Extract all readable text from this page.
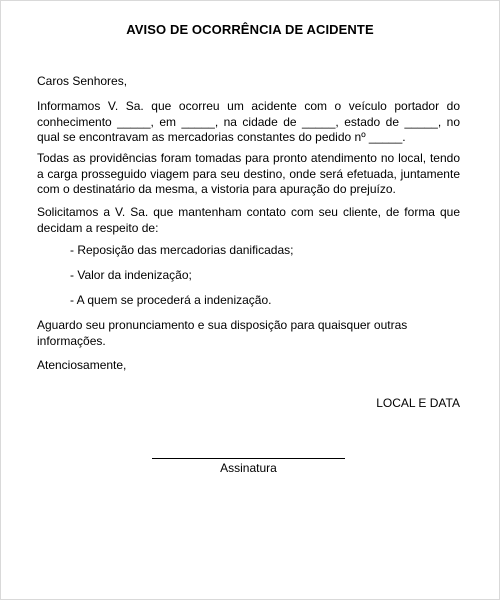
AVISO DE OCORRÊNCIA DE ACIDENTE

Caros Senhores,

Informamos V. Sa. que ocorreu um acidente com o veículo portador do conhecimento _____, em _____, na cidade de _____, estado de _____, no qual se encontravam as mercadorias constantes do pedido nº _____.

Todas as providências foram tomadas para pronto atendimento no local, tendo a carga prosseguido viagem para seu destino, onde será efetuada, juntamente com o destinatário da mesma, a vistoria para apuração do prejuízo.

Solicitamos a V. Sa. que mantenham contato com seu cliente, de forma que decidam a respeito de:

- Reposição das mercadorias danificadas;

- Valor da indenização;

- A quem se procederá a indenização.

Aguardo seu pronunciamento e sua disposição para quaisquer outras informações.

Atenciosamente,

LOCAL E DATA
Assinatura
